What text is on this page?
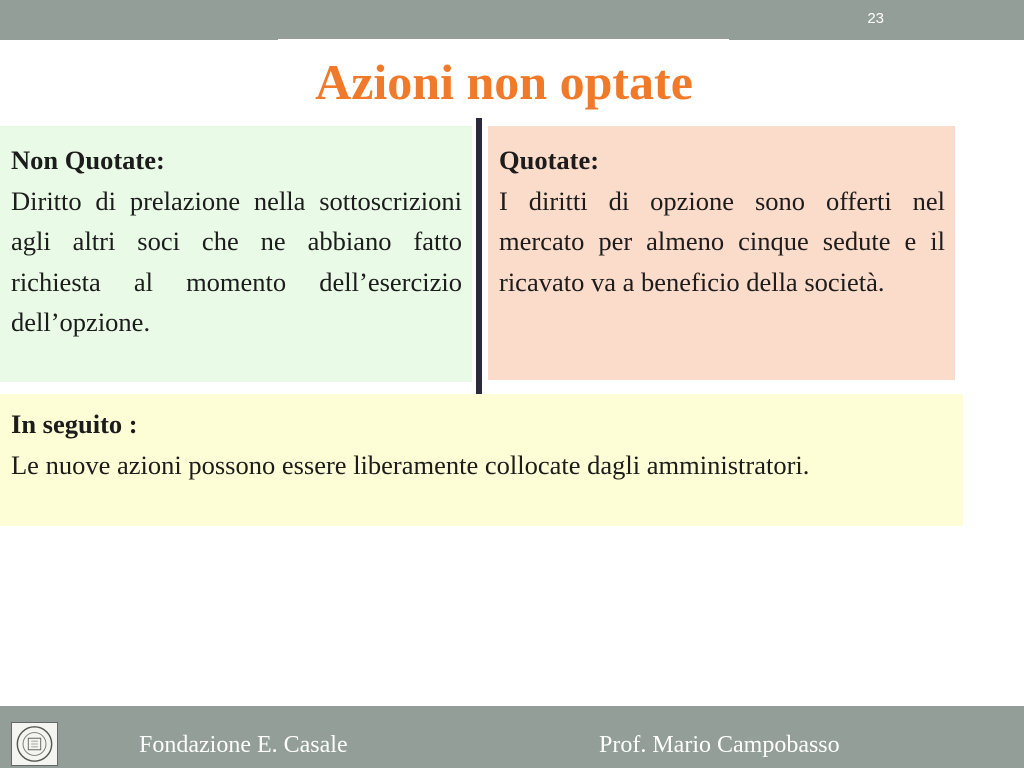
23
Azioni non optate
Non Quotate:
Diritto di prelazione nella sottoscrizioni agli altri soci che ne abbiano fatto richiesta al momento dell’esercizio dell’opzione.
Quotate:
I diritti di opzione sono offerti nel mercato per almeno cinque sedute e il ricavato va a beneficio della società.
In seguito :
Le nuove azioni possono essere liberamente collocate dagli amministratori.
Fondazione E. Casale	Prof. Mario Campobasso
